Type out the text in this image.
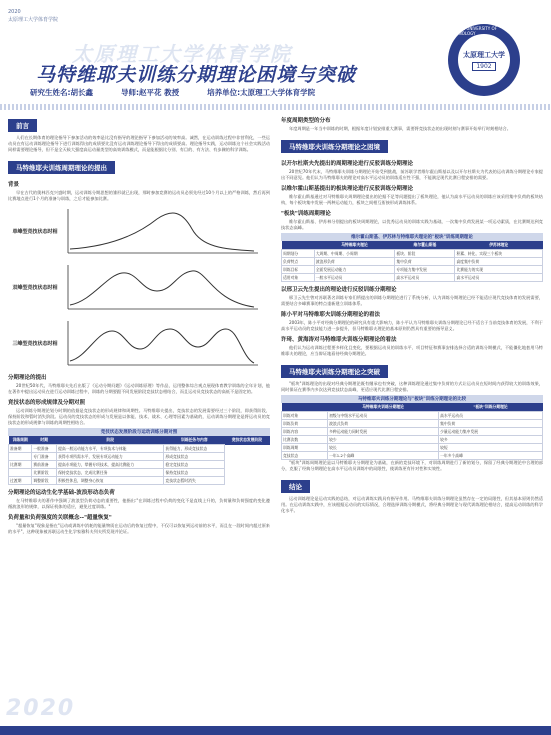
2020
太原理工大学体育学院
太原理工大学体育学院
马特维耶夫训练分期理论困境与突破
研究生姓名:胡长鑫	导师:赵平花 教授	培养单位:太原理工大学体育学院
TAIYUAN UNIVERSITY OF TECHNOLOGY
太原理工大学
1902
前言

人们在长期体育的理论指导下参加活动的效率是比没有指导的理论指导下参加活动的效率高。诚然，在运动训练过程中非营利化，一些运动员在有运动训练理论指导下进行训练得出的成绩要比没有运动训练理论指导下得出的成绩要高。理论指导实践，运动训练这个社会实践活动同样需要理论指导，但不是全天候大强度高运动量类型的高效训练模式，而是能根据比分别、有目的、有方法、有步骤的科学训练。

马特维耶夫训练周期理论的提出
背景

早在古代的奥林匹克兴盛时期，运动训练分期思想的雏形就已出现，那时参加竞赛的运动员必须先经过10个月以上的严格训练，然后再到比赛地点进行1个月的准备与训练，之后才能参加比赛。

单峰型竞技状态时相
双峰型竞技状态时相
三峰型竞技状态时相
分期理论的提出

20世纪50年代，马特维耶夫先后出版了《运动分期问题》《运动训练原理》等作品，运用整体综合观点展现体育教学训练的全年计划，他在著作中提出运动员在进行运动训练过程中，训练的分期要跟不同发展阶段竞技状态相结合，而且运动员竞技状态的高低不是固定的。

竞技状态的形成规律及分期对照

运动训练分期理论划分时期的依据是竞技状态的形成规律和周期性。马特维耶夫提出，竞技状态的发展需要经过三个阶段，即获得阶段、保持阶段和暂时消失阶段。运动员的竞技状态的形成与发展是以体能、技术、战术、心理等因素为基础的，运动训练分期理论是将运动员的竞技状态的形成规律与训练的周期性相结合。

竞技状态发展阶段与运动训练分期对照
训练周期	时期	阶段	训练任务与内容	竞技状态发展阶段
准备期	一般准备	提高一般运动能力水平，专项技术与体能	获得能力，形成竞技状态	
	专门准备	获得专项所需水平，发展专项运动能力	形成竞技状态	
比赛期	赛前准备	提高专项能力，掌握专项技术，提高比赛能力	稳定竞技状态	
	比赛阶段	保持竞技状态，完成比赛任务	保持竞技状态	
过渡期	调整阶段	积极性休息，调整身心恢复	竞技状态暂时消失	
分期理论的运动生化学基础-波浪形动态负荷

在马特维耶夫的著作中强调了波浪型负荷动态的重要性，他指出:"在训练过程中负荷的变化不是直线上升的，负荷量和负荷强度的变化遵循波浪形的规律，以保证机体的适应，避免过度训练。"

负荷量和负荷强度的关联概念--"超量恢复"

"超量恢复"现象是指在"运动或训练中消耗的能量物质在运动后的恢复过程中，不仅可以恢复到运动前的水平，而且在一段时间内超过原来的水平"，这种现象被苏联运动生化学家雅科夫列夫所发现并论证。

年度周期类型的分布

年度周期是一年当中训练的时期，根据年度计划安排重大赛事，需要将竞技状态的出现时刻与赛事开始举行时刻相结合。

马特维耶夫训练分期理论之困境
以开尔杜斯夫先提出的周期理论进行反驳训练分期理论

20世纪70年代末，马特维耶夫训练分期理论开始受到挑战，前苏联学者维尔霍山斯基以及以开尔杜斯夫为代表的运动训练分期理论专家提出不同意见。他们认为马特维耶夫的理论对高水平运动员的训练适应性不强，不能满足现代比赛日程安排的需要。

以维尔霍山斯基提出的板块理论进行反驳训练分期理论

维尔霍山斯基通过对马特维耶夫周期理论提出的论据不足等问题提出了板块理论，他认为高水平运动员的训练应该采用集中负荷的板块结构，每个板块集中发展一两种运动能力，板块之间相互衔接形成训练体系。

"板块"训练周期理论

维尔霍山斯基、伊苏林分别提出的板块周期理论，以优秀运动员的训练实践为基础，一次集中负荷发展某一项运动素质，在比赛期达到竞技状态高峰。

维尔霍山斯基、伊苏林与特维耶夫理论的"板块"训练周期理论
	马特维耶夫理论	维尔霍山斯基	伊苏林理论
周期划分	大周期、中周期、小周期	板块、阶段	积累、转化、实现三个板块
负荷特点	波浪形负荷	集中负荷	高度集中负荷
训练目标	全面发展运动能力	专项能力集中发展	比赛能力的实现
适用对象	一般水平运动员	高水平运动员	高水平运动员
以邢卫云先生提出的理论进行反驳训练分期理论

邢卫云先生曾对苏联著名训练专家们所提出的训练分期理论进行了系统分析，认为训练分期理论已经不能适应现代竞技体育的发展需要，需要结合多峰赛事的特点重新建立训练体系。

陈小平对马特维耶夫训练分期理论的看法

2003年，陈小平对经典分期理论的研究具有重大影响力，陈小平认为马特维耶夫训练分期理论已经不适合于当前竞技体育的发展，不利于高水平运动员的竞技能力进一步提升，但马特维耶夫理论的基本原则仍然具有重要的指导意义。

许琦、黄海涛对马特维耶夫训练分期理论的看法

他们认为运动训练过程要多样化且变化，要根据运动员的训练水平、项目特征和赛事安排选择合适的训练分期模式，不能僵化地套用马特维耶夫的理论，应当辩证地看待经典分期理论。

马特维耶夫训练分期理论之突破

"板块"训练理论的出现对经典分期理论既有继承也有突破，这种训练理论通过集中负荷的方式让运动员在短时间内获得较大的训练效果，同时保证在赛季内多次达到竞技状态高峰，更适应现代比赛日程安排。

马特维耶夫训练分期理论与"板块"训练分期理论的比较
	马特维耶夫训练分期理论	"板块"训练分期理论
训练对象	初级与中级水平运动员	高水平运动员
训练负荷	波浪式负荷	集中负荷
训练内容	多种运动能力同时发展	少量运动能力集中发展
比赛次数	较少	较多
训练周期	较长	较短
竞技状态	一年1-2个高峰	一年多个高峰

"板块"训练周期理论是以马特维耶夫分期理论为基础，在新的竞技环境下，对训练周期进行了新的划分，保留了经典分期理论中合理的部分，克服了经典分期理论在高水平运动员训练中的局限性，使训练更有针对性和实效性。

结论

运动训练理论是运动实践的总结，对运动训练实践具有指导作用。马特维耶夫训练分期理论虽然存在一定的局限性，但其基本原则仍然适用。在运动训练实践中，应该根据运动员的实际情况，合理选择训练分期模式，将经典分期理论与现代训练理论相结合，提高运动训练的科学化水平。

2020
